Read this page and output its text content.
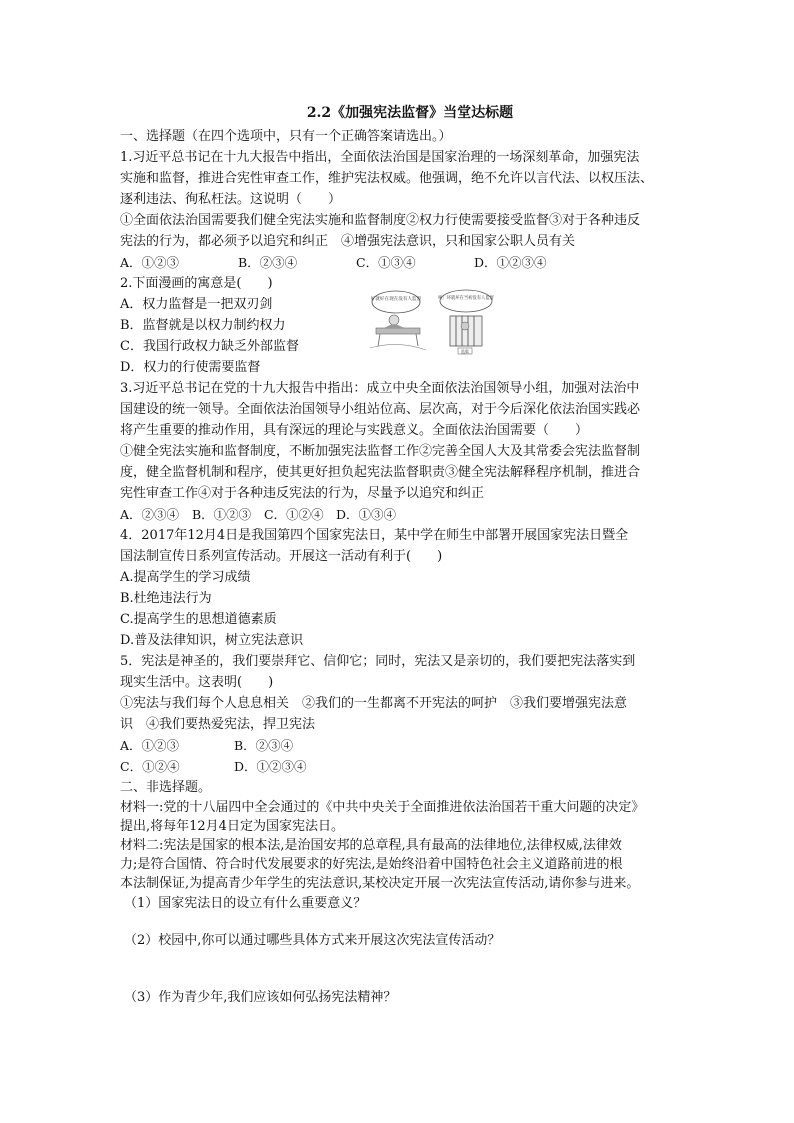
2.2《加强宪法监督》当堂达标题
一、选择题（在四个选项中，只有一个正确答案请选出。）
1.习近平总书记在十九大报告中指出，全面依法治国是国家治理的一场深刻革命，加强宪法
实施和监督，推进合宪性审查工作，维护宪法权威。他强调，绝不允许以言代法、以权压法、
逐利违法、徇私枉法。这说明（　　）
①全面依法治国需要我们健全宪法实施和监督制度②权力行使需要接受监督③对于各种违反
宪法的行为，都必须予以追究和纠正　④增强宪法意识，只和国家公职人员有关
A．①②③	B．②③④	C．①③④	D．①②③④
2.下面漫画的寓意是(　　)
A．权力监督是一把双刃剑
B．监督就是以权力制约权力
C．我国行政权力缺乏外部监督
D．权力的行使需要监督
3.习近平总书记在党的十九大报告中指出：成立中央全面依法治国领导小组，加强对法治中
国建设的统一领导。全面依法治国领导小组站位高、层次高，对于今后深化依法治国实践必
将产生重要的推动作用，具有深远的理论与实践意义。全面依法治国需要（　　）
①健全宪法实施和监督制度，不断加强宪法监督工作②完善全国人大及其常委会宪法监督制
度，健全监督机制和程序，使其更好担负起宪法监督职责③健全宪法解释程序机制，推进合
宪性审查工作④对于各种违反宪法的行为，尽量予以追究和纠正
A．②③④	B．①②③	C．①②④ D．①③④
4．2017年12月4日是我国第四个国家宪法日，某中学在师生中部署开展国家宪法日暨全
国法制宣传日系列宣传活动。开展这一活动有利于(　　)
A.提高学生的学习成绩
B.杜绝违法行为
C.提高学生的思想道德素质
D.普及法律知识，树立宪法意识
5．宪法是神圣的，我们要崇拜它、信仰它；同时，宪法又是亲切的，我们要把宪法落实到
现实生活中。这表明(　　)
①宪法与我们每个人息息相关　②我们的一生都离不开宪法的呵护　③我们要增强宪法意
识　④我们要热爱宪法，捍卫宪法
A．①②③	B．②③④
C．①②④	D．①②③④
二、非选择题。
材料一:党的十八届四中全会通过的《中共中央关于全面推进依法治国若干重大问题的决定》
提出,将每年12月4日定为国家宪法日。
材料二:宪法是国家的根本法,是治国安邦的总章程,具有最高的法律地位,法律权威,法律效
力;是符合国情、符合时代发展要求的好宪法,是始终沿着中国特色社会主义道路前进的根
本法制保证,为提高青少年学生的宪法意识,某校决定开展一次宪法宣传活动,请你参与进来。
（1）国家宪法日的设立有什么重要意义？
（2）校园中,你可以通过哪些具体方式来开展这次宪法宣传活动？
（3）作为青少年,我们应该如何弘扬宪法精神？
好就好在现在没有人监督	唉！坏就坏在当初没有人监督
监狱
